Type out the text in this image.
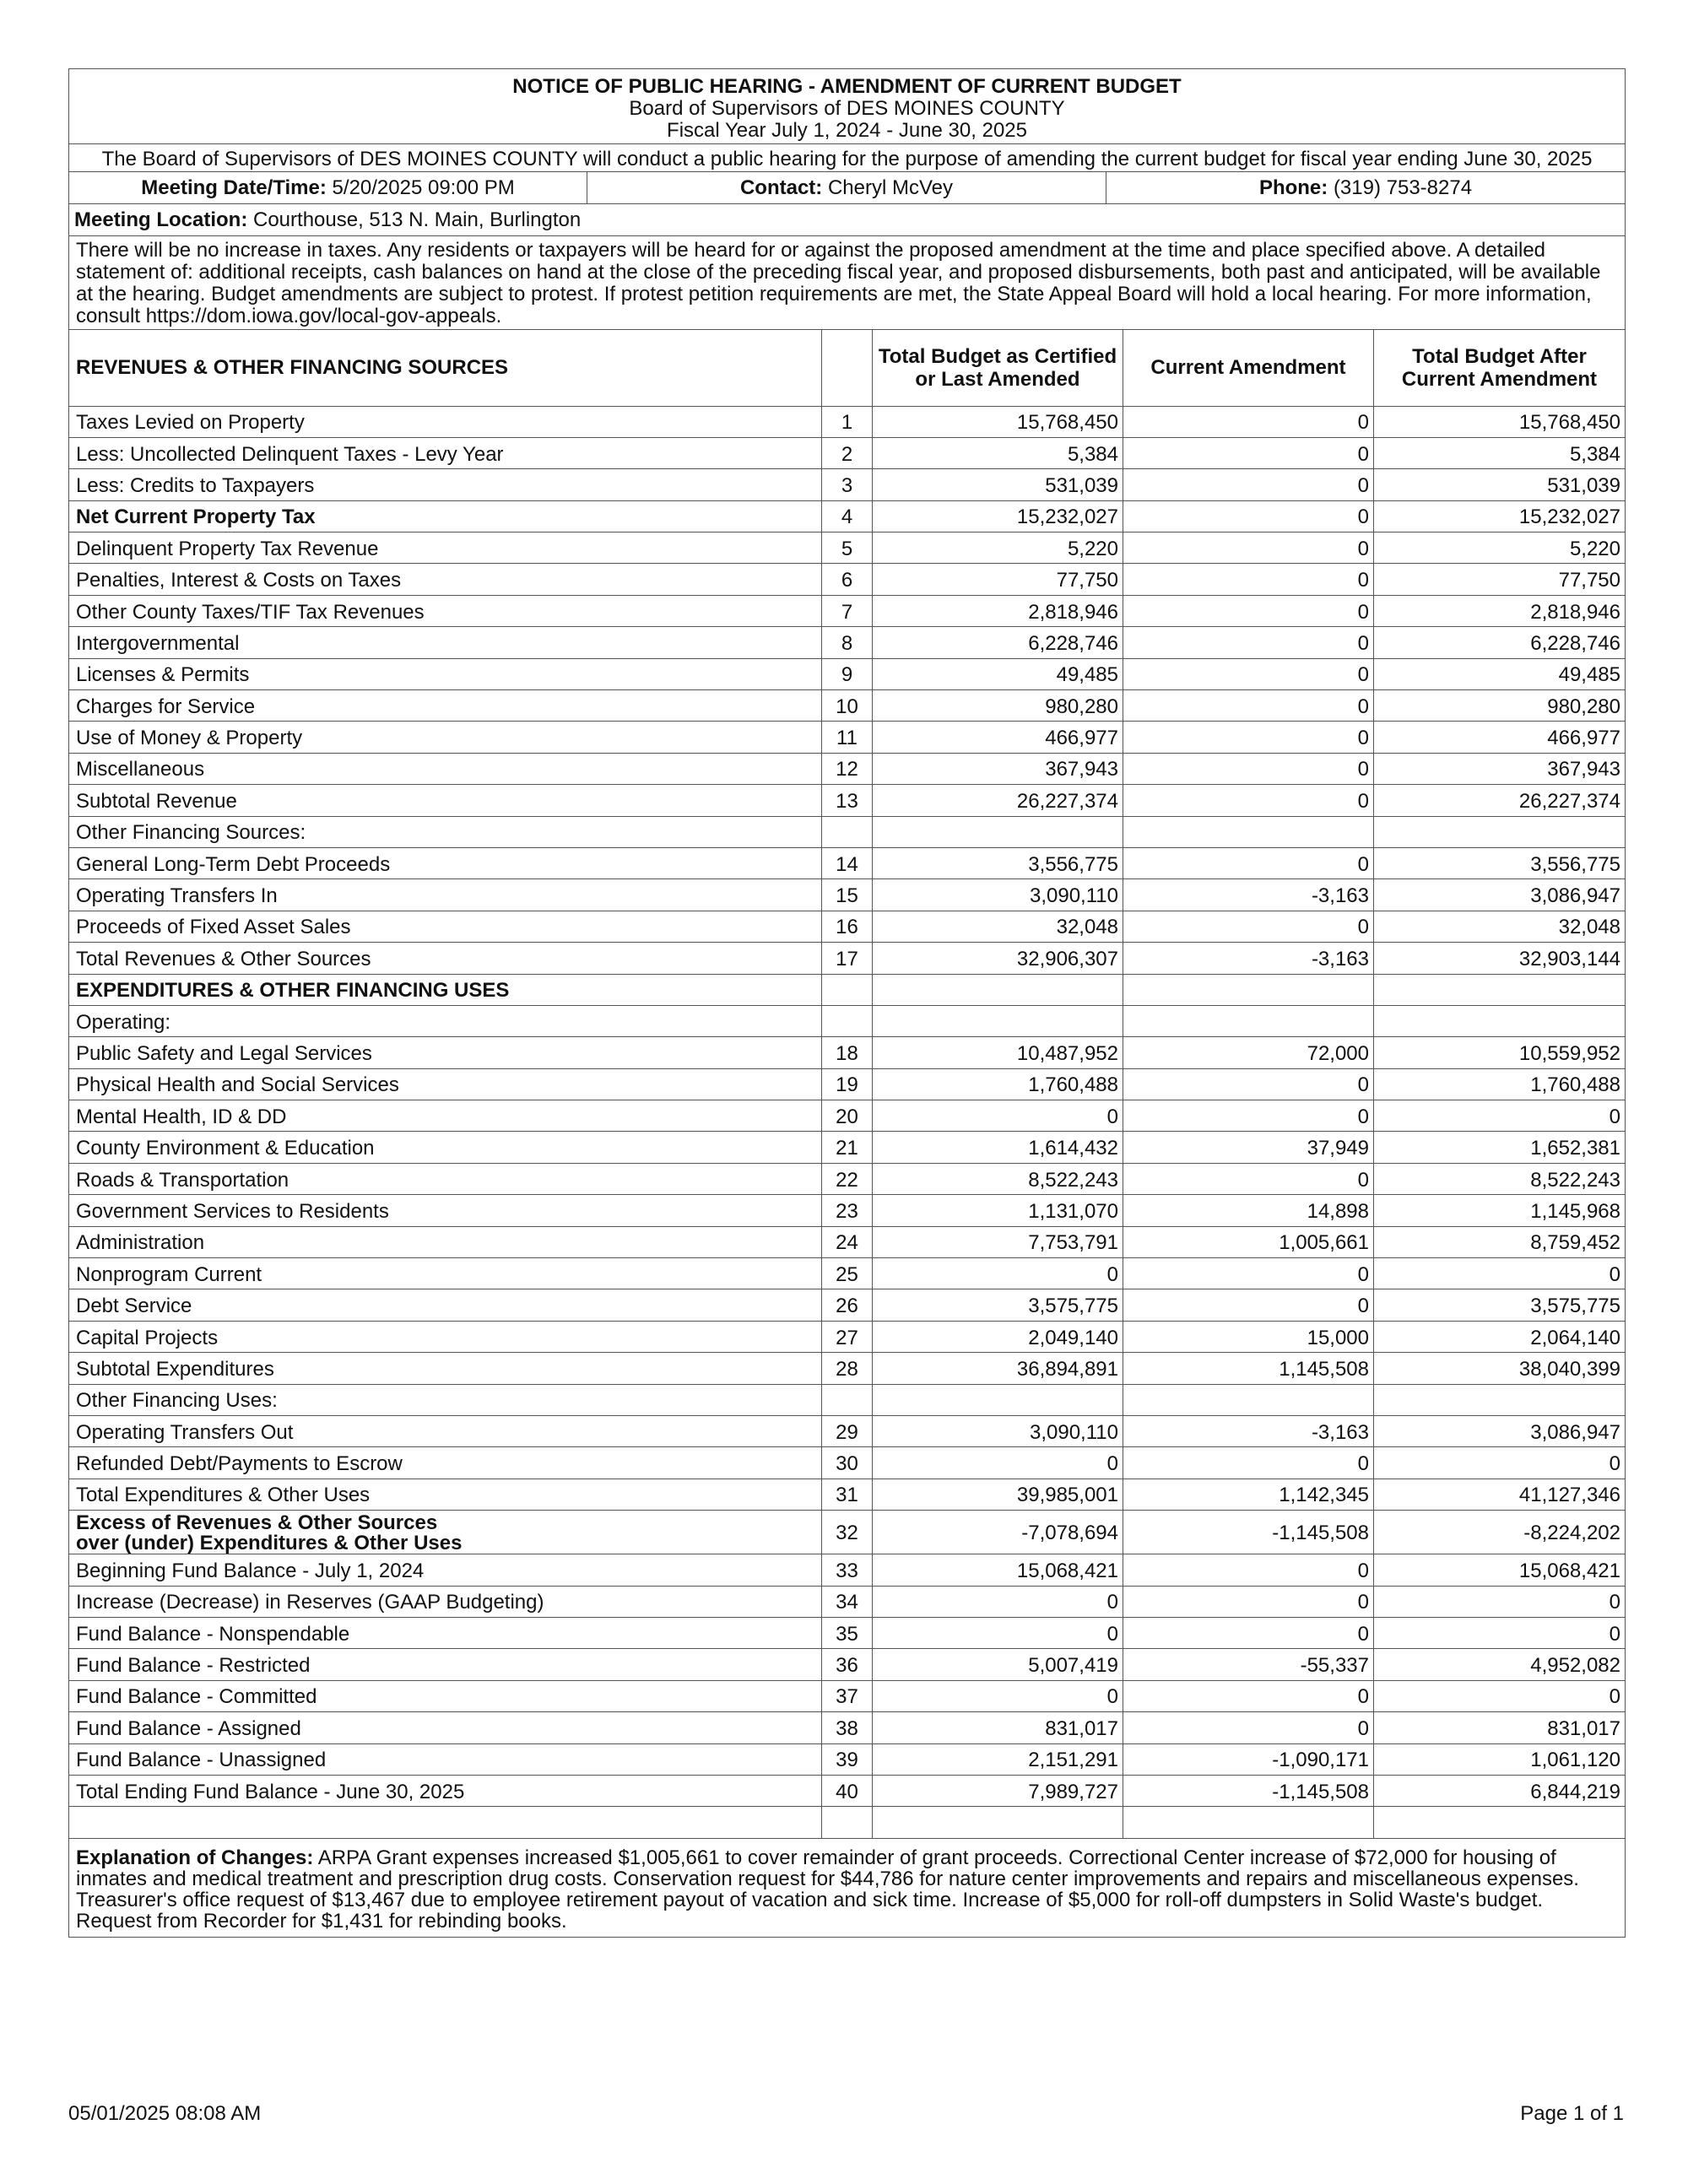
NOTICE OF PUBLIC HEARING - AMENDMENT OF CURRENT BUDGET
Board of Supervisors of DES MOINES COUNTY
Fiscal Year July 1, 2024 - June 30, 2025

The Board of Supervisors of DES MOINES COUNTY will conduct a public hearing for the purpose of amending the current budget for fiscal year ending June 30, 2025
Meeting Date/Time: 5/20/2025 09:00 PM	Contact: Cheryl McVey	Phone: (319) 753-8274
Meeting Location: Courthouse, 513 N. Main, Burlington
There will be no increase in taxes. Any residents or taxpayers will be heard for or against the proposed amendment at the time and place specified above. A detailed statement of: additional receipts, cash balances on hand at the close of the preceding fiscal year, and proposed disbursements, both past and anticipated, will be available at the hearing. Budget amendments are subject to protest. If protest petition requirements are met, the State Appeal Board will hold a local hearing. For more information, consult https://dom.iowa.gov/local-gov-appeals.
REVENUES & OTHER FINANCING SOURCES		Total Budget as Certified or Last Amended	Current Amendment	Total Budget After Current Amendment
Taxes Levied on Property	1	15,768,450	0	15,768,450
Less: Uncollected Delinquent Taxes - Levy Year	2	5,384	0	5,384
Less: Credits to Taxpayers	3	531,039	0	531,039
Net Current Property Tax	4	15,232,027	0	15,232,027
Delinquent Property Tax Revenue	5	5,220	0	5,220
Penalties, Interest & Costs on Taxes	6	77,750	0	77,750
Other County Taxes/TIF Tax Revenues	7	2,818,946	0	2,818,946
Intergovernmental	8	6,228,746	0	6,228,746
Licenses & Permits	9	49,485	0	49,485
Charges for Service	10	980,280	0	980,280
Use of Money & Property	11	466,977	0	466,977
Miscellaneous	12	367,943	0	367,943
Subtotal Revenue	13	26,227,374	0	26,227,374
Other Financing Sources:				
General Long-Term Debt Proceeds	14	3,556,775	0	3,556,775
Operating Transfers In	15	3,090,110	-3,163	3,086,947
Proceeds of Fixed Asset Sales	16	32,048	0	32,048
Total Revenues & Other Sources	17	32,906,307	-3,163	32,903,144
EXPENDITURES & OTHER FINANCING USES				
Operating:				
Public Safety and Legal Services	18	10,487,952	72,000	10,559,952
Physical Health and Social Services	19	1,760,488	0	1,760,488
Mental Health, ID & DD	20	0	0	0
County Environment & Education	21	1,614,432	37,949	1,652,381
Roads & Transportation	22	8,522,243	0	8,522,243
Government Services to Residents	23	1,131,070	14,898	1,145,968
Administration	24	7,753,791	1,005,661	8,759,452
Nonprogram Current	25	0	0	0
Debt Service	26	3,575,775	0	3,575,775
Capital Projects	27	2,049,140	15,000	2,064,140
Subtotal Expenditures	28	36,894,891	1,145,508	38,040,399
Other Financing Uses:				
Operating Transfers Out	29	3,090,110	-3,163	3,086,947
Refunded Debt/Payments to Escrow	30	0	0	0
Total Expenditures & Other Uses	31	39,985,001	1,142,345	41,127,346

Excess of Revenues & Other Sources
over (under) Expenditures & Other Uses	32	-7,078,694	-1,145,508	-8,224,202
Beginning Fund Balance - July 1, 2024	33	15,068,421	0	15,068,421
Increase (Decrease) in Reserves (GAAP Budgeting)	34	0	0	0
Fund Balance - Nonspendable	35	0	0	0
Fund Balance - Restricted	36	5,007,419	-55,337	4,952,082
Fund Balance - Committed	37	0	0	0
Fund Balance - Assigned	38	831,017	0	831,017
Fund Balance - Unassigned	39	2,151,291	-1,090,171	1,061,120
Total Ending Fund Balance - June 30, 2025	40	7,989,727	-1,145,508	6,844,219

Explanation of Changes: ARPA Grant expenses increased $1,005,661 to cover remainder of grant proceeds. Correctional Center increase of $72,000 for housing of inmates and medical treatment and prescription drug costs. Conservation request for $44,786 for nature center improvements and repairs and miscellaneous expenses. Treasurer's office request of $13,467 due to employee retirement payout of vacation and sick time. Increase of $5,000 for roll-off dumpsters in Solid Waste's budget. Request from Recorder for $1,431 for rebinding books.				
05/01/2025 08:08 AM	Page 1 of 1
